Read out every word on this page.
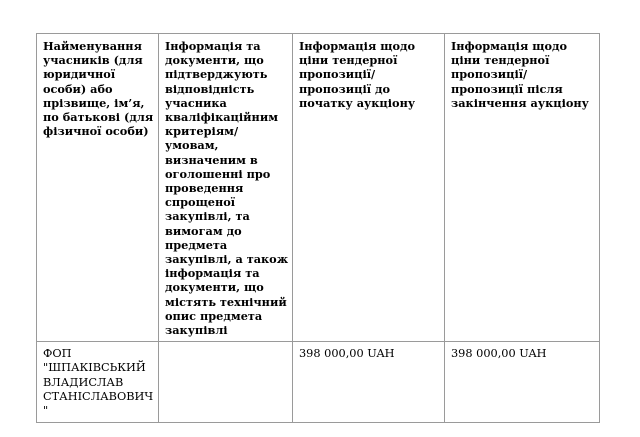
Найменування учасників (для юридичної особи) або прізвище, ім’я, по батькові (для фізичної особи)	Інформація та документи, що підтверджують відповідність учасника кваліфікаційним критеріям/умовам, визначеним в оголошенні про проведення спрощеної закупівлі, та вимогам до предмета закупівлі, а також інформація та документи, що містять технічний опис предмета закупівлі	Інформація щодо ціни тендерної пропозиції/пропозиції до початку аукціону	Інформація щодо ціни тендерної пропозиції/пропозиції після закінчення аукціону
ФОП "ШПАКІВСЬКИЙ ВЛАДИСЛАВ СТАНІСЛАВОВИЧ"		398 000,00 UAH	398 000,00 UAH
